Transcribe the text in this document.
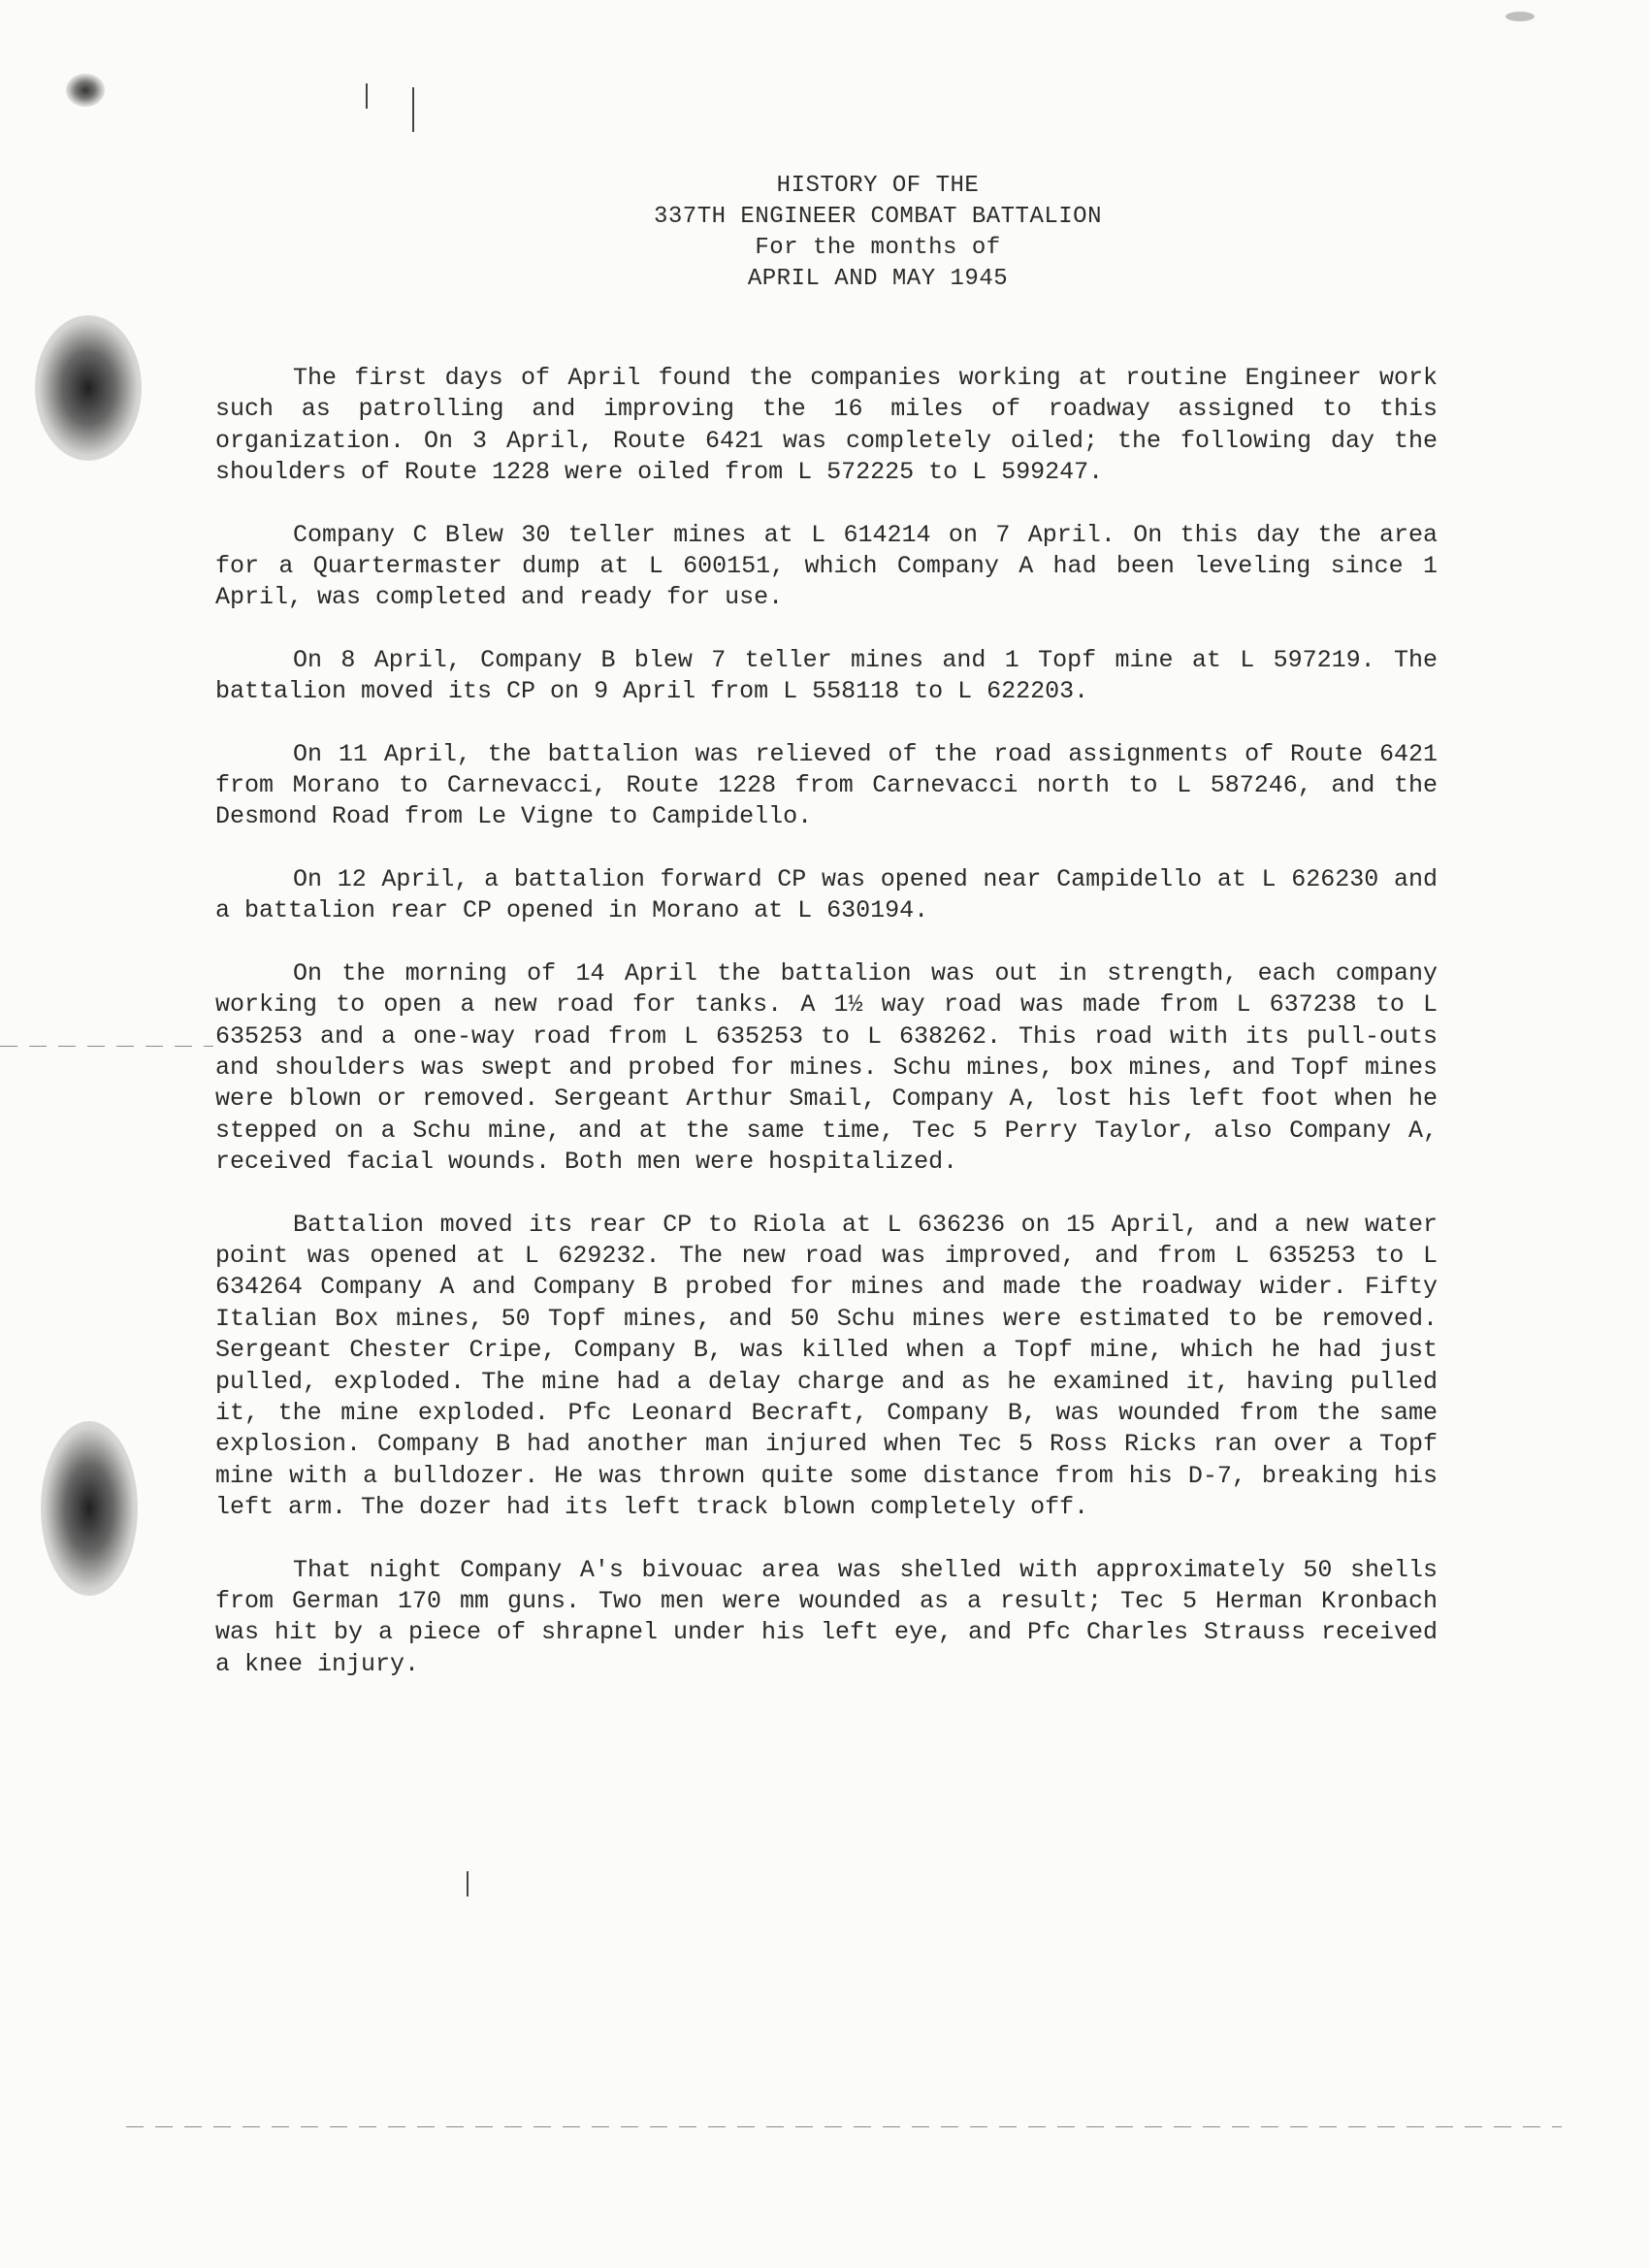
HISTORY OF THE
337TH ENGINEER COMBAT BATTALION
For the months of
APRIL AND MAY 1945

The first days of April found the companies working at routine Engineer work such as patrolling and improving the 16 miles of roadway assigned to this organization. On 3 April, Route 6421 was completely oiled; the following day the shoulders of Route 1228 were oiled from L 572225 to L 599247.

Company C Blew 30 teller mines at L 614214 on 7 April. On this day the area for a Quartermaster dump at L 600151, which Company A had been leveling since 1 April, was completed and ready for use.

On 8 April, Company B blew 7 teller mines and 1 Topf mine at L 597219. The battalion moved its CP on 9 April from L 558118 to L 622203.

On 11 April, the battalion was relieved of the road assignments of Route 6421 from Morano to Carnevacci, Route 1228 from Carnevacci north to L 587246, and the Desmond Road from Le Vigne to Campidello.

On 12 April, a battalion forward CP was opened near Campidello at L 626230 and a battalion rear CP opened in Morano at L 630194.

On the morning of 14 April the battalion was out in strength, each company working to open a new road for tanks. A 1½ way road was made from L 637238 to L 635253 and a one-way road from L 635253 to L 638262. This road with its pull-outs and shoulders was swept and probed for mines. Schu mines, box mines, and Topf mines were blown or removed. Sergeant Arthur Smail, Company A, lost his left foot when he stepped on a Schu mine, and at the same time, Tec 5 Perry Taylor, also Company A, received facial wounds. Both men were hospitalized.

Battalion moved its rear CP to Riola at L 636236 on 15 April, and a new water point was opened at L 629232. The new road was improved, and from L 635253 to L 634264 Company A and Company B probed for mines and made the roadway wider. Fifty Italian Box mines, 50 Topf mines, and 50 Schu mines were estimated to be removed. Sergeant Chester Cripe, Company B, was killed when a Topf mine, which he had just pulled, exploded. The mine had a delay charge and as he examined it, having pulled it, the mine exploded. Pfc Leonard Becraft, Company B, was wounded from the same explosion. Company B had another man injured when Tec 5 Ross Ricks ran over a Topf mine with a bulldozer. He was thrown quite some distance from his D-7, breaking his left arm. The dozer had its left track blown completely off.

That night Company A's bivouac area was shelled with approximately 50 shells from German 170 mm guns. Two men were wounded as a result; Tec 5 Herman Kronbach was hit by a piece of shrapnel under his left eye, and Pfc Charles Strauss received a knee injury.
